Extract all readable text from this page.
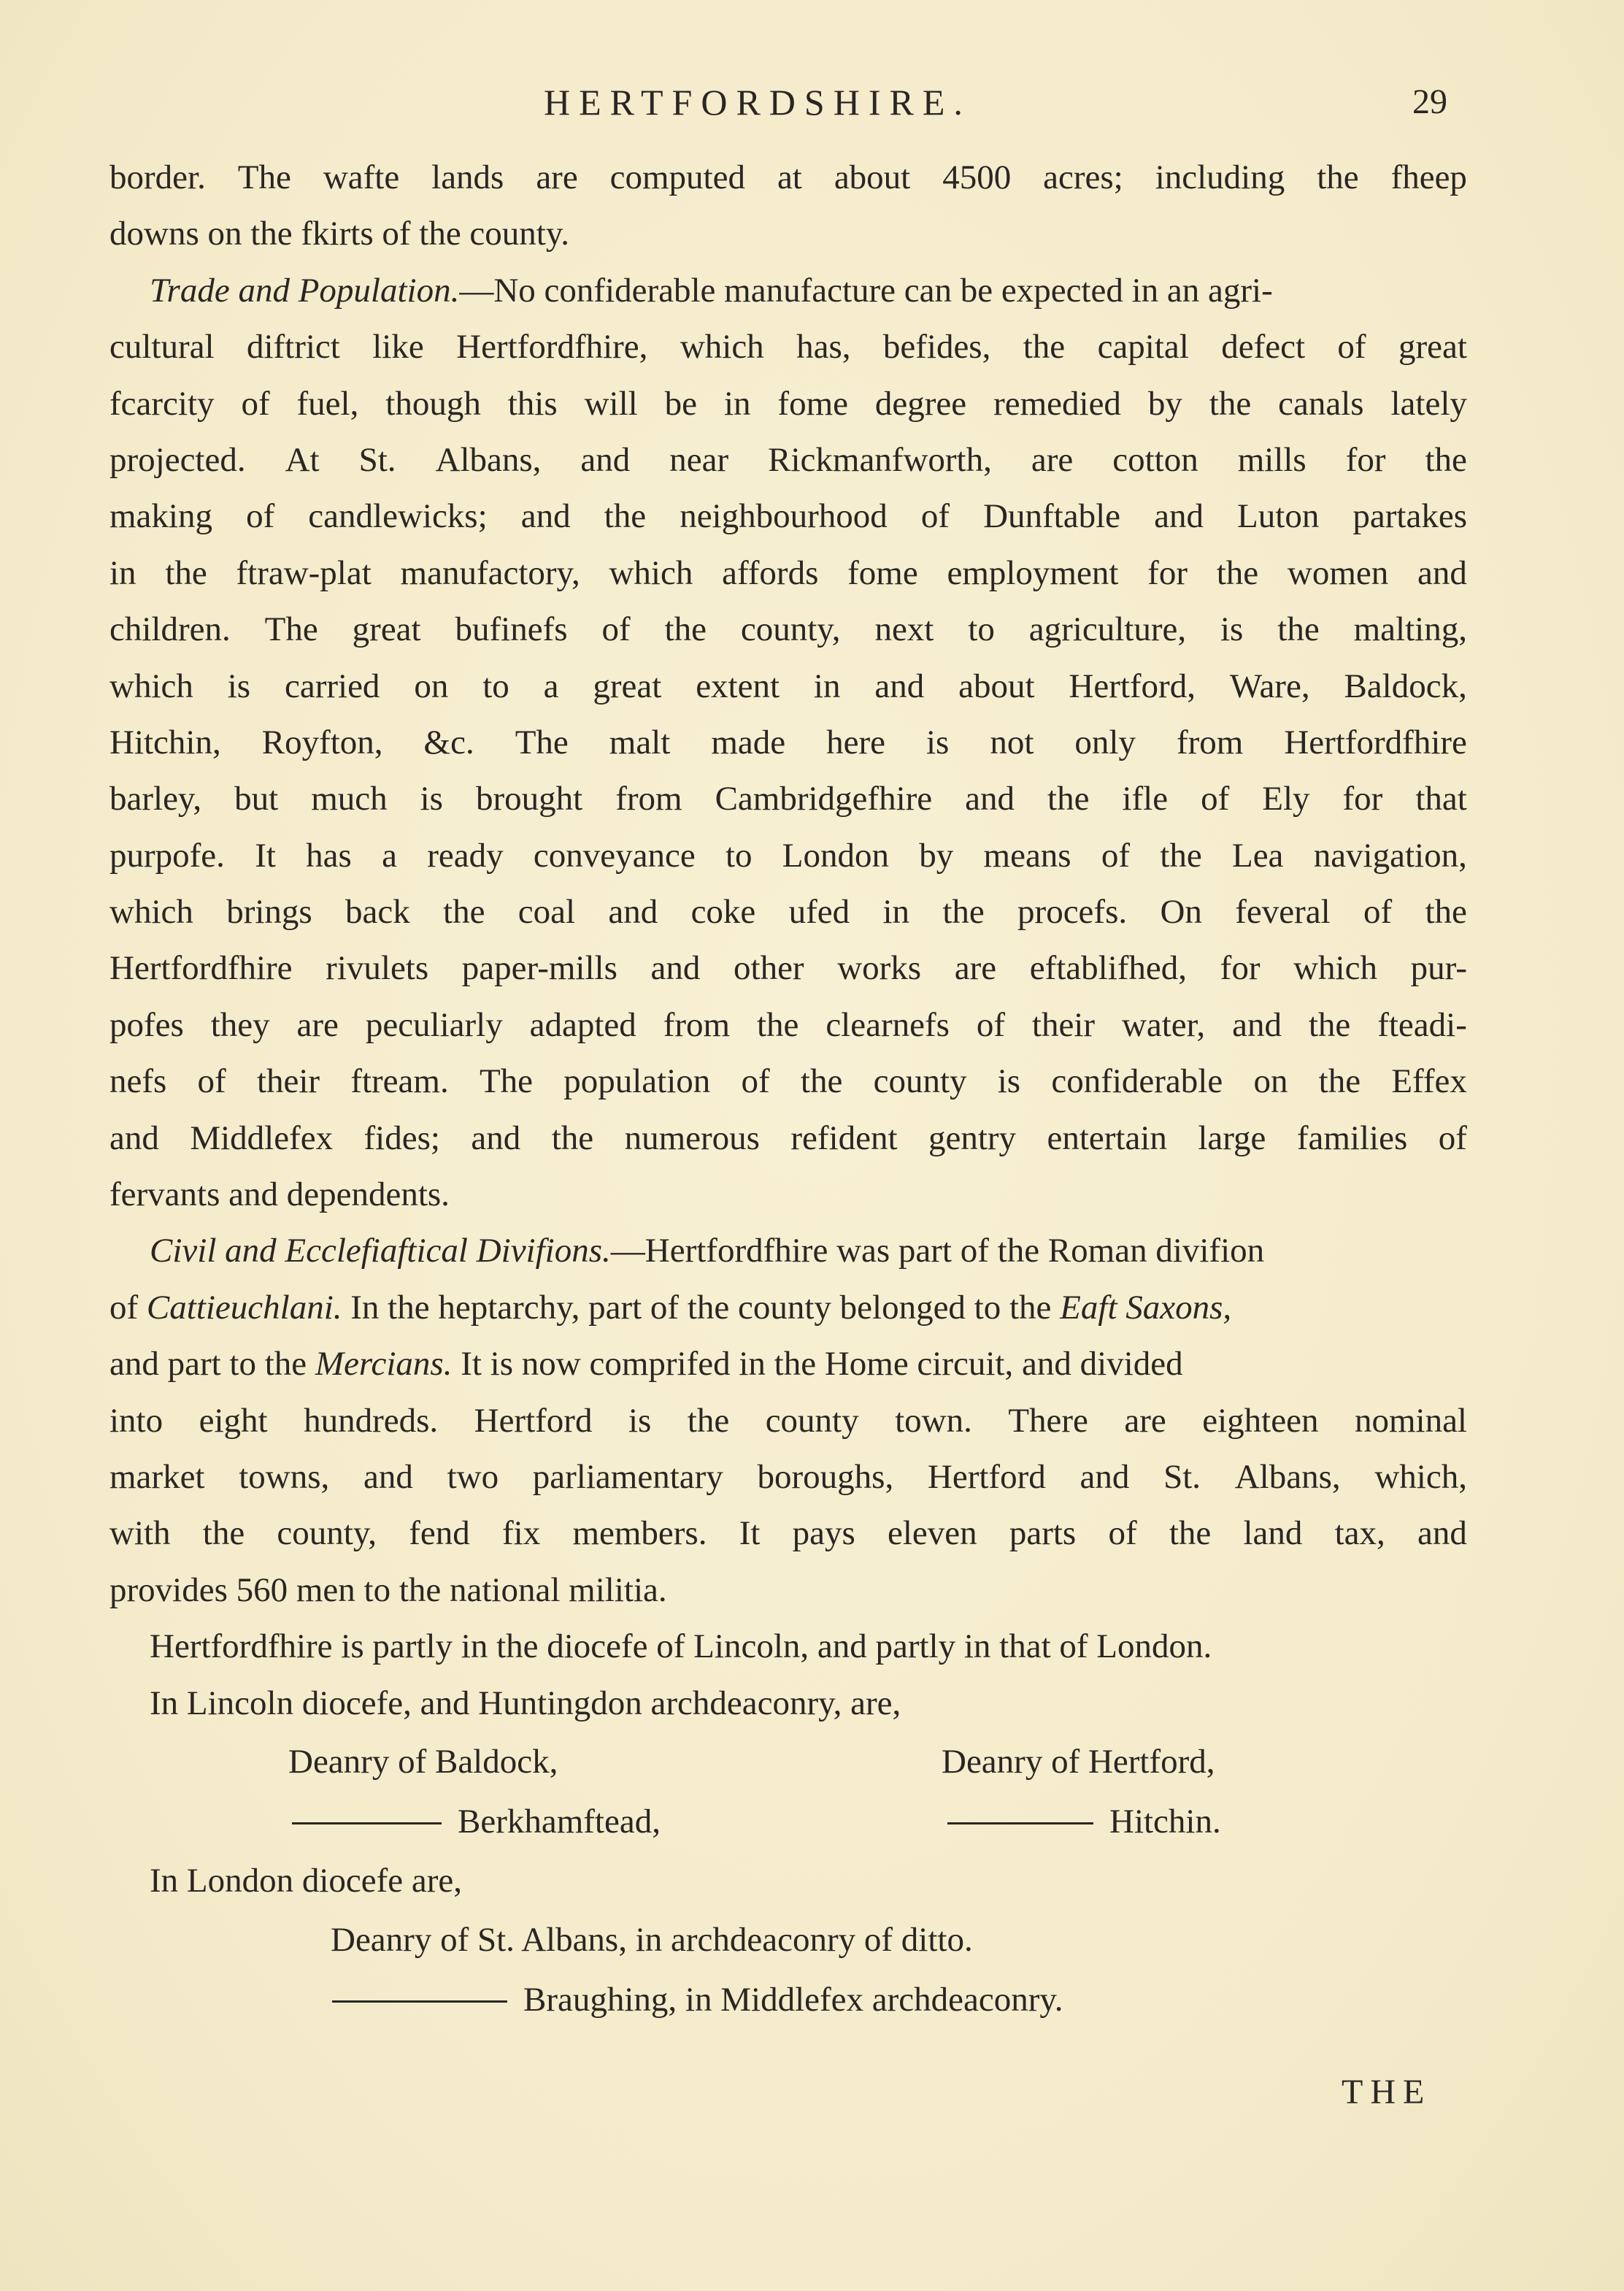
HERTFORDSHIRE.	29
border. The wafte lands are computed at about 4500 acres; including the fheep
downs on the fkirts of the county.
Trade and Population.—No confiderable manufacture can be expected in an agri-
cultural diftrict like Hertfordfhire, which has, befides, the capital defect of great
fcarcity of fuel, though this will be in fome degree remedied by the canals lately
projected. At St. Albans, and near Rickmanfworth, are cotton mills for the
making of candlewicks; and the neighbourhood of Dunftable and Luton partakes
in the ftraw-plat manufactory, which affords fome employment for the women and
children. The great bufinefs of the county, next to agriculture, is the malting,
which is carried on to a great extent in and about Hertford, Ware, Baldock,
Hitchin, Royfton, &c. The malt made here is not only from Hertfordfhire
barley, but much is brought from Cambridgefhire and the ifle of Ely for that
purpofe. It has a ready conveyance to London by means of the Lea navigation,
which brings back the coal and coke ufed in the procefs. On feveral of the
Hertfordfhire rivulets paper-mills and other works are eftablifhed, for which pur-
pofes they are peculiarly adapted from the clearnefs of their water, and the fteadi-
nefs of their ftream. The population of the county is confiderable on the Effex
and Middlefex fides; and the numerous refident gentry entertain large families of
fervants and dependents.
Civil and Ecclefiaftical Divifions.—Hertfordfhire was part of the Roman divifion
of Cattieuchlani. In the heptarchy, part of the county belonged to the Eaft Saxons,
and part to the Mercians. It is now comprifed in the Home circuit, and divided
into eight hundreds. Hertford is the county town. There are eighteen nominal
market towns, and two parliamentary boroughs, Hertford and St. Albans, which,
with the county, fend fix members. It pays eleven parts of the land tax, and
provides 560 men to the national militia.
Hertfordfhire is partly in the diocefe of Lincoln, and partly in that of London.
In Lincoln diocefe, and Huntingdon archdeaconry, are,
Deanry of Baldock,	Deanry of Hertford,
Berkhamftead,	Hitchin.
In London diocefe are,
Deanry of St. Albans, in archdeaconry of ditto.
Braughing, in Middlefex archdeaconry.
THE
